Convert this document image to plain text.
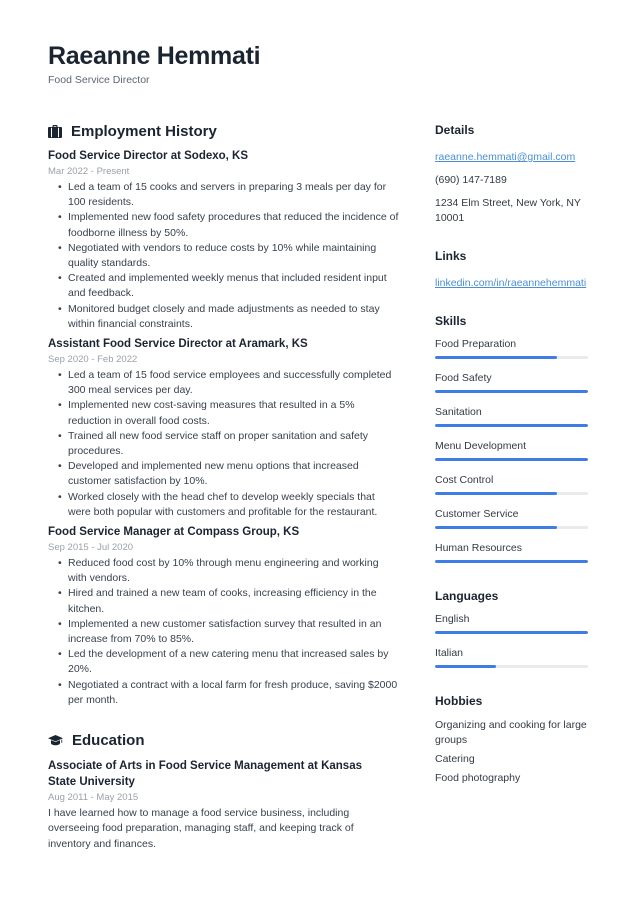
Raeanne Hemmati
Food Service Director
Employment History
Food Service Director at Sodexo, KS
Mar 2022 - Present
• Led a team of 15 cooks and servers in preparing 3 meals per day for 100 residents.
• Implemented new food safety procedures that reduced the incidence of foodborne illness by 50%.
• Negotiated with vendors to reduce costs by 10% while maintaining quality standards.
• Created and implemented weekly menus that included resident input and feedback.
• Monitored budget closely and made adjustments as needed to stay within financial constraints.
Assistant Food Service Director at Aramark, KS
Sep 2020 - Feb 2022
• Led a team of 15 food service employees and successfully completed 300 meal services per day.
• Implemented new cost-saving measures that resulted in a 5% reduction in overall food costs.
• Trained all new food service staff on proper sanitation and safety procedures.
• Developed and implemented new menu options that increased customer satisfaction by 10%.
• Worked closely with the head chef to develop weekly specials that were both popular with customers and profitable for the restaurant.
Food Service Manager at Compass Group, KS
Sep 2015 - Jul 2020
• Reduced food cost by 10% through menu engineering and working with vendors.
• Hired and trained a new team of cooks, increasing efficiency in the kitchen.
• Implemented a new customer satisfaction survey that resulted in an increase from 70% to 85%.
• Led the development of a new catering menu that increased sales by 20%.
• Negotiated a contract with a local farm for fresh produce, saving $2000 per month.
Education
Associate of Arts in Food Service Management at Kansas State University
Aug 2011 - May 2015
I have learned how to manage a food service business, including overseeing food preparation, managing staff, and keeping track of inventory and finances.
Details
raeanne.hemmati@gmail.com
(690) 147-7189
1234 Elm Street, New York, NY 10001
Links
linkedin.com/in/raeannehemmati
Skills
Food Preparation
Food Safety
Sanitation
Menu Development
Cost Control
Customer Service
Human Resources
Languages
English
Italian
Hobbies
Organizing and cooking for large groups
Catering
Food photography
